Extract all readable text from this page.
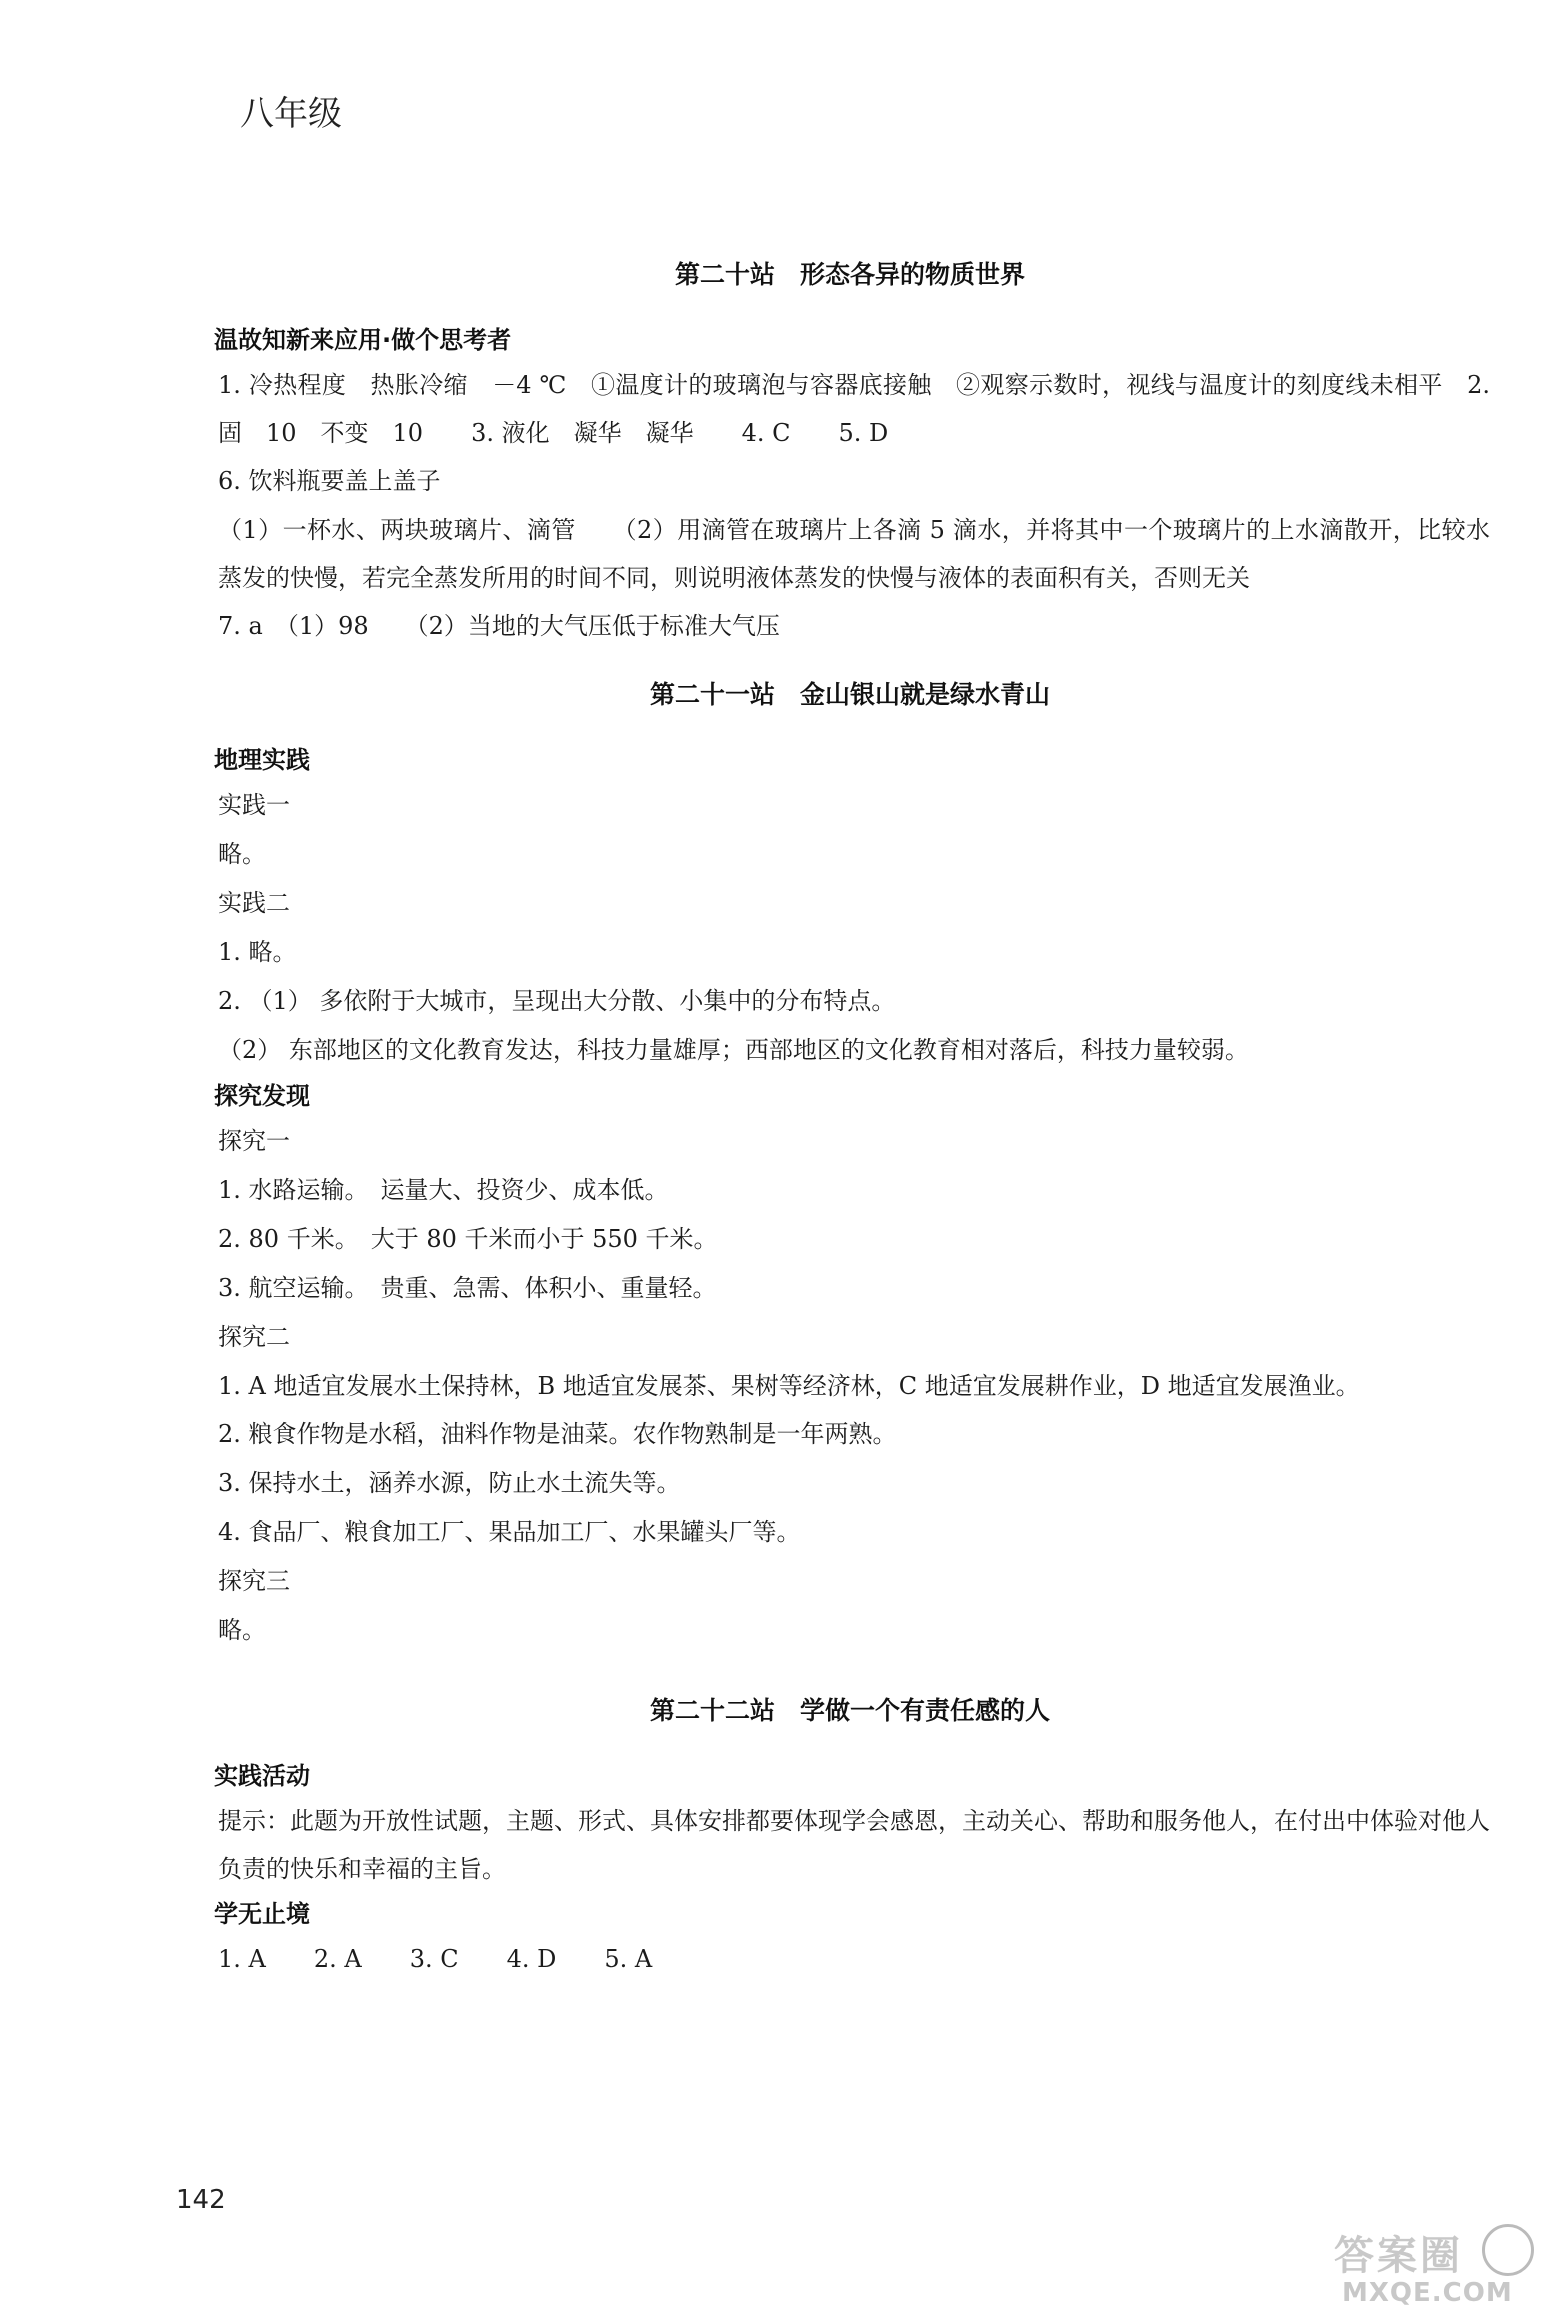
八年级
第二十站　形态各异的物质世界
温故知新来应用·做个思考者

1. 冷热程度　热胀冷缩　－4 ℃　①温度计的玻璃泡与容器底接触　②观察示数时，视线与温度计的刻度线未相平　2. 固　10　不变　10　　3. 液化　凝华　凝华　　4. C　　5. D

6. 饮料瓶要盖上盖子

（1）一杯水、两块玻璃片、滴管　　（2）用滴管在玻璃片上各滴 5 滴水，并将其中一个玻璃片的上水滴散开，比较水蒸发的快慢，若完全蒸发所用的时间不同，则说明液体蒸发的快慢与液体的表面积有关，否则无关

7. a　（1）98　　（2）当地的大气压低于标准大气压

第二十一站　金山银山就是绿水青山
地理实践

实践一

略。

实践二

1. 略。

2. （1） 多依附于大城市，呈现出大分散、小集中的分布特点。

（2） 东部地区的文化教育发达，科技力量雄厚；西部地区的文化教育相对落后，科技力量较弱。

探究发现

探究一

1. 水路运输。　运量大、投资少、成本低。

2. 80 千米。　大于 80 千米而小于 550 千米。

3. 航空运输。　贵重、急需、体积小、重量轻。

探究二

1. A 地适宜发展水土保持林，B 地适宜发展茶、果树等经济林，C 地适宜发展耕作业，D 地适宜发展渔业。

2. 粮食作物是水稻，油料作物是油菜。农作物熟制是一年两熟。

3. 保持水土，涵养水源，防止水土流失等。

4. 食品厂、粮食加工厂、果品加工厂、水果罐头厂等。

探究三

略。

第二十二站　学做一个有责任感的人
实践活动

提示：此题为开放性试题，主题、形式、具体安排都要体现学会感恩，主动关心、帮助和服务他人，在付出中体验对他人负责的快乐和幸福的主旨。

学无止境

1. A　　2. A　　3. C　　4. D　　5. A

142
答案圈
MXQE.COM
